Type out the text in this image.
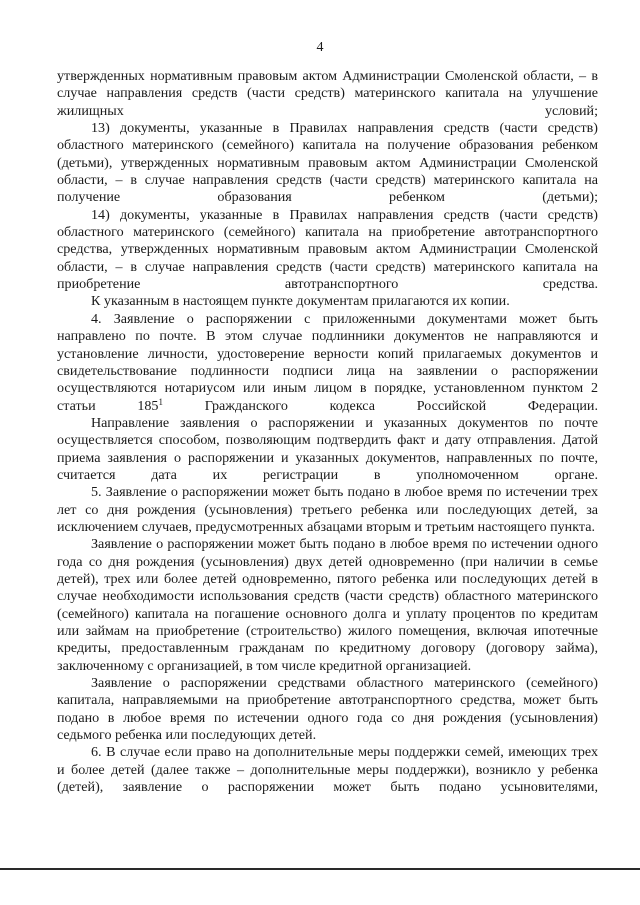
4

утвержденных нормативным правовым актом Администрации Смоленской области, – в случае направления средств (части средств) материнского капитала на улучшение жилищных условий;

13) документы, указанные в Правилах направления средств (части средств) областного материнского (семейного) капитала на получение образования ребенком (детьми), утвержденных нормативным правовым актом Администрации Смоленской области, – в случае направления средств (части средств) материнского капитала на получение образования ребенком (детьми);

14) документы, указанные в Правилах направления средств (части средств) областного материнского (семейного) капитала на приобретение автотранспортного средства, утвержденных нормативным правовым актом Администрации Смоленской области, – в случае направления средств (части средств) материнского капитала на приобретение автотранспортного средства.

К указанным в настоящем пункте документам прилагаются их копии.

4. Заявление о распоряжении с приложенными документами может быть направлено по почте. В этом случае подлинники документов не направляются и установление личности, удостоверение верности копий прилагаемых документов и свидетельствование подлинности подписи лица на заявлении о распоряжении осуществляются нотариусом или иным лицом в порядке, установленном пунктом 2 статьи $185^1$ Гражданского кодекса Российской Федерации.

Направление заявления о распоряжении и указанных документов по почте осуществляется способом, позволяющим подтвердить факт и дату отправления. Датой приема заявления о распоряжении и указанных документов, направленных по почте, считается дата их регистрации в уполномоченном органе.

5. Заявление о распоряжении может быть подано в любое время по истечении трех лет со дня рождения (усыновления) третьего ребенка или последующих детей, за исключением случаев, предусмотренных абзацами вторым и третьим настоящего пункта.

Заявление о распоряжении может быть подано в любое время по истечении одного года со дня рождения (усыновления) двух детей одновременно (при наличии в семье детей), трех или более детей одновременно, пятого ребенка или последующих детей в случае необходимости использования средств (части средств) областного материнского (семейного) капитала на погашение основного долга и уплату процентов по кредитам или займам на приобретение (строительство) жилого помещения, включая ипотечные кредиты, предоставленным гражданам по кредитному договору (договору займа), заключенному с организацией, в том числе кредитной организацией.

Заявление о распоряжении средствами областного материнского (семейного) капитала, направляемыми на приобретение автотранспортного средства, может быть подано в любое время по истечении одного года со дня рождения (усыновления) седьмого ребенка или последующих детей.

6. В случае если право на дополнительные меры поддержки семей, имеющих трех и более детей (далее также – дополнительные меры поддержки), возникло у ребенка (детей), заявление о распоряжении может быть подано усыновителями,
